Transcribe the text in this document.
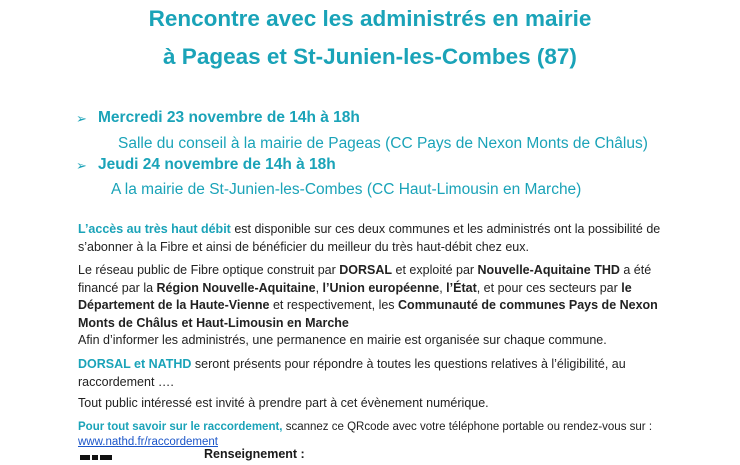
Rencontre avec les administrés en mairie
à Pageas et St-Junien-les-Combes (87)
➢ Mercredi 23 novembre de 14h à 18h
Salle du conseil à la mairie de Pageas (CC Pays de Nexon Monts de Châlus)
➢ Jeudi 24 novembre de 14h à 18h
A la mairie de St-Junien-les-Combes (CC Haut-Limousin en Marche)
L’accès au très haut débit est disponible sur ces deux communes et les administrés ont la possibilité de s’abonner à la Fibre et ainsi de bénéficier du meilleur du très haut-débit chez eux.
Le réseau public de Fibre optique construit par DORSAL et exploité par Nouvelle-Aquitaine THD a été financé par la Région Nouvelle-Aquitaine, l’Union européenne, l’État, et pour ces secteurs par le Département de la Haute-Vienne et respectivement, les Communauté de communes Pays de Nexon Monts de Châlus et Haut-Limousin en Marche
Afin d’informer les administrés, une permanence en mairie est organisée sur chaque commune.
DORSAL et NATHD seront présents pour répondre à toutes les questions relatives à l’éligibilité, au raccordement ….
Tout public intéressé est invité à prendre part à cet évènement numérique.
Pour tout savoir sur le raccordement, scannez ce QRcode avec votre téléphone portable ou rendez-vous sur : www.nathd.fr/raccordement
Renseignement :
